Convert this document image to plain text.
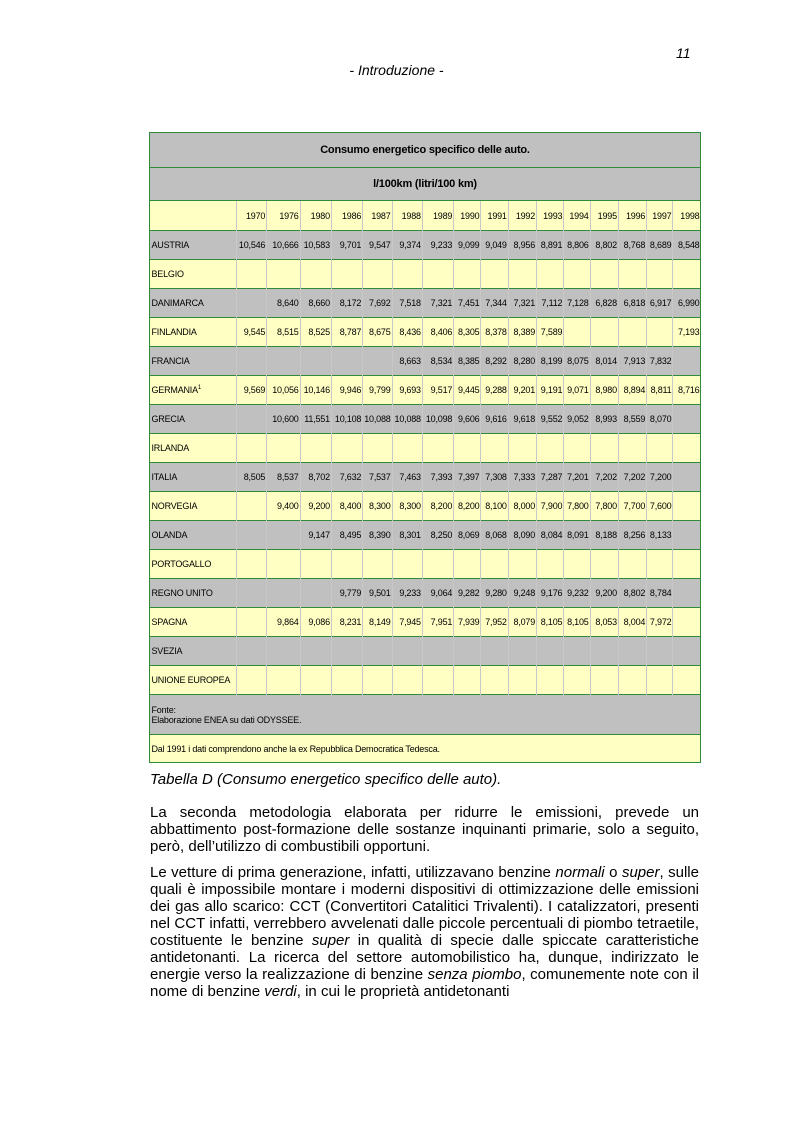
11
- Introduzione -
Consumo energetico specifico delle auto.																
l/100km (litri/100 km)																
	1970	1976	1980	1986	1987	1988	1989	1990	1991	1992	1993	1994	1995	1996	1997	1998
AUSTRIA	10,546	10,666	10,583	9,701	9,547	9,374	9,233	9,099	9,049	8,956	8,891	8,806	8,802	8,768	8,689	8,548
BELGIO																
DANIMARCA		8,640	8,660	8,172	7,692	7,518	7,321	7,451	7,344	7,321	7,112	7,128	6,828	6,818	6,917	6,990
FINLANDIA	9,545	8,515	8,525	8,787	8,675	8,436	8,406	8,305	8,378	8,389	7,589					7,193
FRANCIA						8,663	8,534	8,385	8,292	8,280	8,199	8,075	8,014	7,913	7,832	
GERMANIA$^1$	9,569	10,056	10,146	9,946	9,799	9,693	9,517	9,445	9,288	9,201	9,191	9,071	8,980	8,894	8,811	8,716
GRECIA		10,600	11,551	10,108	10,088	10,088	10,098	9,606	9,616	9,618	9,552	9,052	8,993	8,559	8,070	
IRLANDA																
ITALIA	8,505	8,537	8,702	7,632	7,537	7,463	7,393	7,397	7,308	7,333	7,287	7,201	7,202	7,202	7,200	
NORVEGIA		9,400	9,200	8,400	8,300	8,300	8,200	8,200	8,100	8,000	7,900	7,800	7,800	7,700	7,600	
OLANDA			9,147	8,495	8,390	8,301	8,250	8,069	8,068	8,090	8,084	8,091	8,188	8,256	8,133	
PORTOGALLO																
REGNO UNITO				9,779	9,501	9,233	9,064	9,282	9,280	9,248	9,176	9,232	9,200	8,802	8,784	
SPAGNA		9,864	9,086	8,231	8,149	7,945	7,951	7,939	7,952	8,079	8,105	8,105	8,053	8,004	7,972	
SVEZIA																
UNIONE EUROPEA																

Fonte:
Elaborazione ENEA su dati ODYSSEE.																

Dal 1991 i dati comprendono anche la ex Repubblica Democratica Tedesca.																
Tabella D (Consumo energetico specifico delle auto).

La seconda metodologia elaborata per ridurre le emissioni, prevede un abbattimento post-formazione delle sostanze inquinanti primarie, solo a seguito, però, dell’utilizzo di combustibili opportuni.

Le vetture di prima generazione, infatti, utilizzavano benzine normali o super, sulle quali è impossibile montare i moderni dispositivi di ottimizzazione delle emissioni dei gas allo scarico: CCT (Convertitori Catalitici Trivalenti). I catalizzatori, presenti nel CCT infatti, verrebbero avvelenati dalle piccole percentuali di piombo tetraetile, costituente le benzine super in qualità di specie dalle spiccate caratteristiche antidetonanti. La ricerca del settore automobilistico ha, dunque, indirizzato le energie verso la realizzazione di benzine senza piombo, comunemente note con il nome di benzine verdi, in cui le proprietà antidetonanti
